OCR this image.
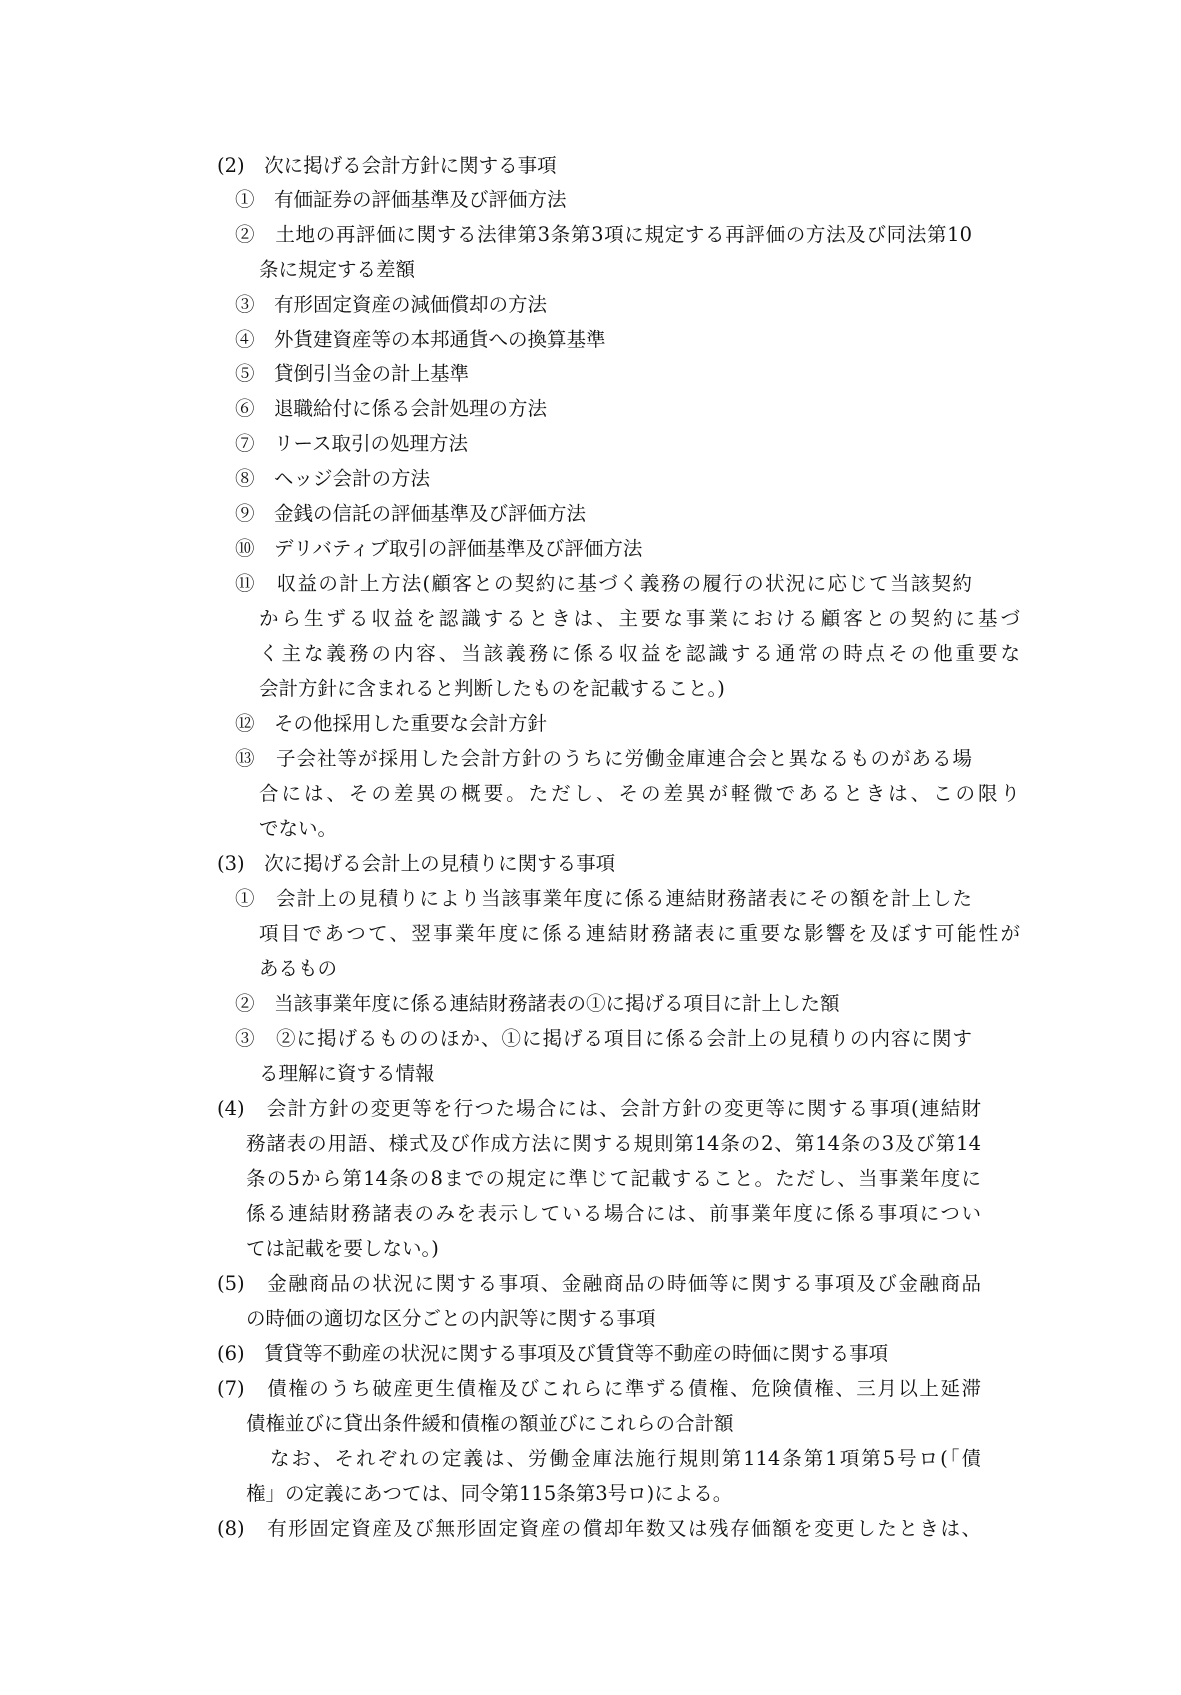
(2)　次に掲げる会計方針に関する事項
①　有価証券の評価基準及び評価方法
②　土地の再評価に関する法律第3条第3項に規定する再評価の方法及び同法第10
条に規定する差額
③　有形固定資産の減価償却の方法
④　外貨建資産等の本邦通貨への換算基準
⑤　貸倒引当金の計上基準
⑥　退職給付に係る会計処理の方法
⑦　リース取引の処理方法
⑧　ヘッジ会計の方法
⑨　金銭の信託の評価基準及び評価方法
⑩　デリバティブ取引の評価基準及び評価方法
⑪　収益の計上方法(顧客との契約に基づく義務の履行の状況に応じて当該契約
から生ずる収益を認識するときは、主要な事業における顧客との契約に基づ
く主な義務の内容、当該義務に係る収益を認識する通常の時点その他重要な
会計方針に含まれると判断したものを記載すること。)
⑫　その他採用した重要な会計方針
⑬　子会社等が採用した会計方針のうちに労働金庫連合会と異なるものがある場
合には、その差異の概要。ただし、その差異が軽微であるときは、この限り
でない。
(3)　次に掲げる会計上の見積りに関する事項
①　会計上の見積りにより当該事業年度に係る連結財務諸表にその額を計上した
項目であつて、翌事業年度に係る連結財務諸表に重要な影響を及ぼす可能性が
あるもの
②　当該事業年度に係る連結財務諸表の①に掲げる項目に計上した額
③　②に掲げるもののほか、①に掲げる項目に係る会計上の見積りの内容に関す
る理解に資する情報
(4)　会計方針の変更等を行つた場合には、会計方針の変更等に関する事項(連結財
務諸表の用語、様式及び作成方法に関する規則第14条の2、第14条の3及び第14
条の5から第14条の8までの規定に準じて記載すること。ただし、当事業年度に
係る連結財務諸表のみを表示している場合には、前事業年度に係る事項につい
ては記載を要しない。)
(5)　金融商品の状況に関する事項、金融商品の時価等に関する事項及び金融商品
の時価の適切な区分ごとの内訳等に関する事項
(6)　賃貸等不動産の状況に関する事項及び賃貸等不動産の時価に関する事項
(7)　債権のうち破産更生債権及びこれらに準ずる債権、危険債権、三月以上延滞
債権並びに貸出条件緩和債権の額並びにこれらの合計額
なお、それぞれの定義は、労働金庫法施行規則第114条第1項第5号ロ(「債
権」の定義にあつては、同令第115条第3号ロ)による。
(8)　有形固定資産及び無形固定資産の償却年数又は残存価額を変更したときは、
